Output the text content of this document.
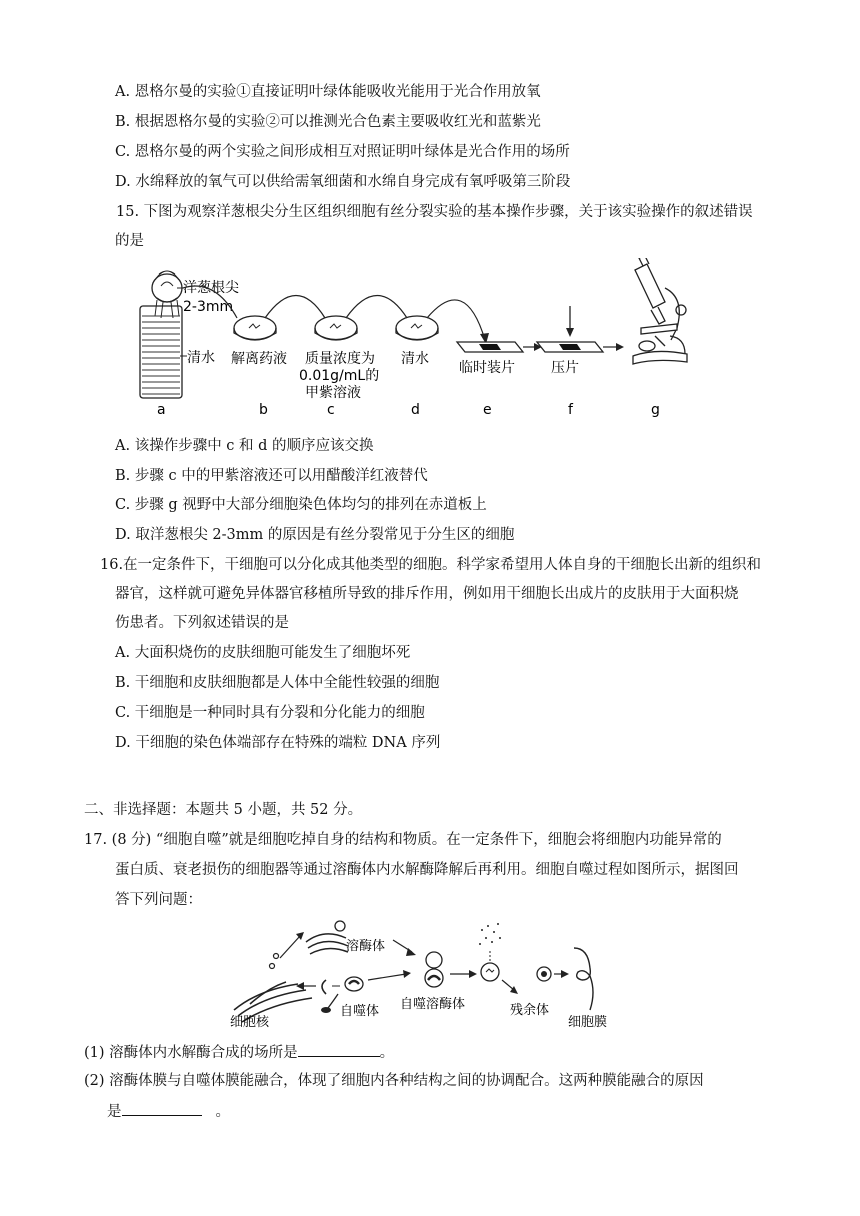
A. 恩格尔曼的实验①直接证明叶绿体能吸收光能用于光合作用放氧
B. 根据恩格尔曼的实验②可以推测光合色素主要吸收红光和蓝紫光
C. 恩格尔曼的两个实验之间形成相互对照证明叶绿体是光合作用的场所
D. 水绵释放的氧气可以供给需氧细菌和水绵自身完成有氧呼吸第三阶段
15. 下图为观察洋葱根尖分生区组织细胞有丝分裂实验的基本操作步骤，关于该实验操作的叙述错误
的是
洋葱根尖
2-3mm
清水 解离药液 质量浓度为
0.01g/mL的
甲紫溶液
清水
临时装片	压片
a	b	c	d	e	f	g
A. 该操作步骤中 c 和 d 的顺序应该交换
B. 步骤 c 中的甲紫溶液还可以用醋酸洋红液替代
C. 步骤 g 视野中大部分细胞染色体均匀的排列在赤道板上
D. 取洋葱根尖 2-3mm 的原因是有丝分裂常见于分生区的细胞
16.在一定条件下，干细胞可以分化成其他类型的细胞。科学家希望用人体自身的干细胞长出新的组织和
器官，这样就可避免异体器官移植所导致的排斥作用，例如用干细胞长出成片的皮肤用于大面积烧
伤患者。下列叙述错误的是
A. 大面积烧伤的皮肤细胞可能发生了细胞坏死
B. 干细胞和皮肤细胞都是人体中全能性较强的细胞
C. 干细胞是一种同时具有分裂和分化能力的细胞
D. 干细胞的染色体端部存在特殊的端粒 DNA 序列
二、非选择题：本题共 5 小题，共 52 分。
17. (8 分) “细胞自噬”就是细胞吃掉自身的结构和物质。在一定条件下，细胞会将细胞内功能异常的
蛋白质、衰老损伤的细胞器等通过溶酶体内水解酶降解后再利用。细胞自噬过程如图所示，据图回
答下列问题：
溶酶体
自噬体 自噬溶酶体	残余体
细胞膜
细胞核
(1) 溶酶体内水解酶合成的场所是	。
(2) 溶酶体膜与自噬体膜能融合，体现了细胞内各种结构之间的协调配合。这两种膜能融合的原因
是	。
